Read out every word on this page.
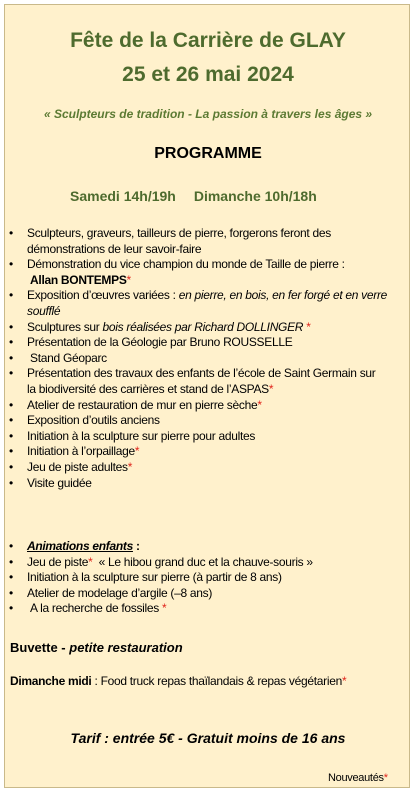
Fête de la Carrière de GLAY
25 et 26 mai 2024
« Sculpteurs de tradition - La passion à travers les âges »
PROGRAMME
Samedi 14h/19h Dimanche 10h/18h
• Sculpteurs, graveurs, tailleurs de pierre, forgerons feront des démonstrations de leur savoir-faire
• Démonstration du vice champion du monde de Taille de pierre :
Allan BONTEMPS*
• Exposition d’œuvres variées : en pierre, en bois, en fer forgé et en verre soufflé
• Sculptures sur bois réalisées par Richard DOLLINGER *
• Présentation de la Géologie par Bruno ROUSSELLE
• Stand Géoparc
• Présentation des travaux des enfants de l’école de Saint Germain sur la biodiversité des carrières et stand de l’ASPAS*
• Atelier de restauration de mur en pierre sèche*
• Exposition d’outils anciens
• Initiation à la sculpture sur pierre pour adultes
• Initiation à l’orpaillage*
• Jeu de piste adultes*
• Visite guidée
• Animations enfants :
• Jeu de piste* « Le hibou grand duc et la chauve-souris »
• Initiation à la sculpture sur pierre (à partir de 8 ans)
• Atelier de modelage d’argile (–8 ans)
• A la recherche de fossiles *
Buvette - petite restauration
Dimanche midi : Food truck repas thaïlandais & repas végétarien*
Tarif : entrée 5€ - Gratuit moins de 16 ans
Nouveautés*
